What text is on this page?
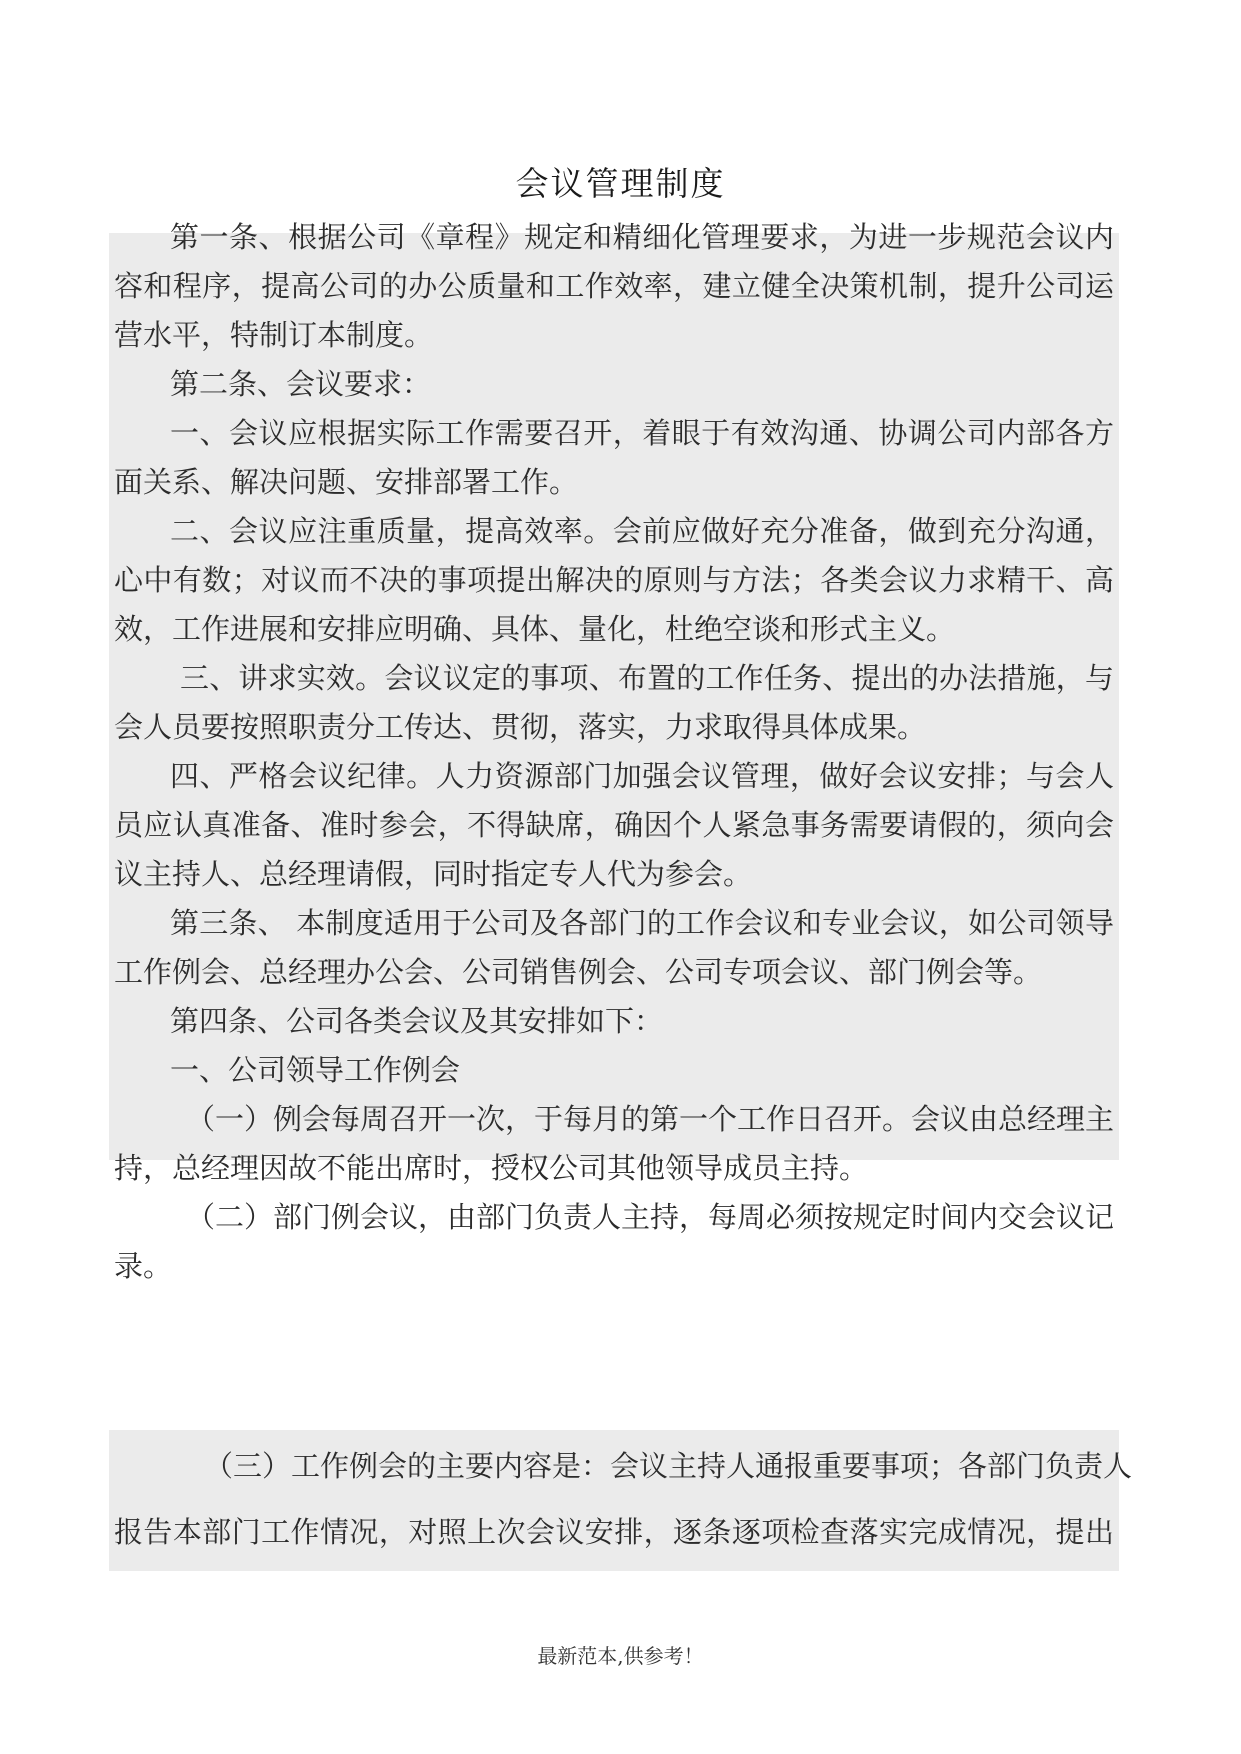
会议管理制度
第一条、根据公司《章程》规定和精细化管理要求，为进一步规范会议内
容和程序，提高公司的办公质量和工作效率，建立健全决策机制，提升公司运
营水平，特制订本制度。
第二条、会议要求：
一、会议应根据实际工作需要召开，着眼于有效沟通、协调公司内部各方
面关系、解决问题、安排部署工作。
二、会议应注重质量，提高效率。会前应做好充分准备，做到充分沟通，
心中有数；对议而不决的事项提出解决的原则与方法；各类会议力求精干、高
效，工作进展和安排应明确、具体、量化，杜绝空谈和形式主义。
三、讲求实效。会议议定的事项、布置的工作任务、提出的办法措施，与
会人员要按照职责分工传达、贯彻，落实，力求取得具体成果。
四、严格会议纪律。人力资源部门加强会议管理，做好会议安排；与会人
员应认真准备、准时参会，不得缺席，确因个人紧急事务需要请假的，须向会
议主持人、总经理请假，同时指定专人代为参会。
第三条、 本制度适用于公司及各部门的工作会议和专业会议，如公司领导
工作例会、总经理办公会、公司销售例会、公司专项会议、部门例会等。
第四条、公司各类会议及其安排如下：
一、公司领导工作例会
（一）例会每周召开一次，于每月的第一个工作日召开。会议由总经理主
持，总经理因故不能出席时，授权公司其他领导成员主持。
（二）部门例会议，由部门负责人主持，每周必须按规定时间内交会议记
录。
（三）工作例会的主要内容是：会议主持人通报重要事项；各部门负责人
报告本部门工作情况，对照上次会议安排，逐条逐项检查落实完成情况，提出
最新范本,供参考！
